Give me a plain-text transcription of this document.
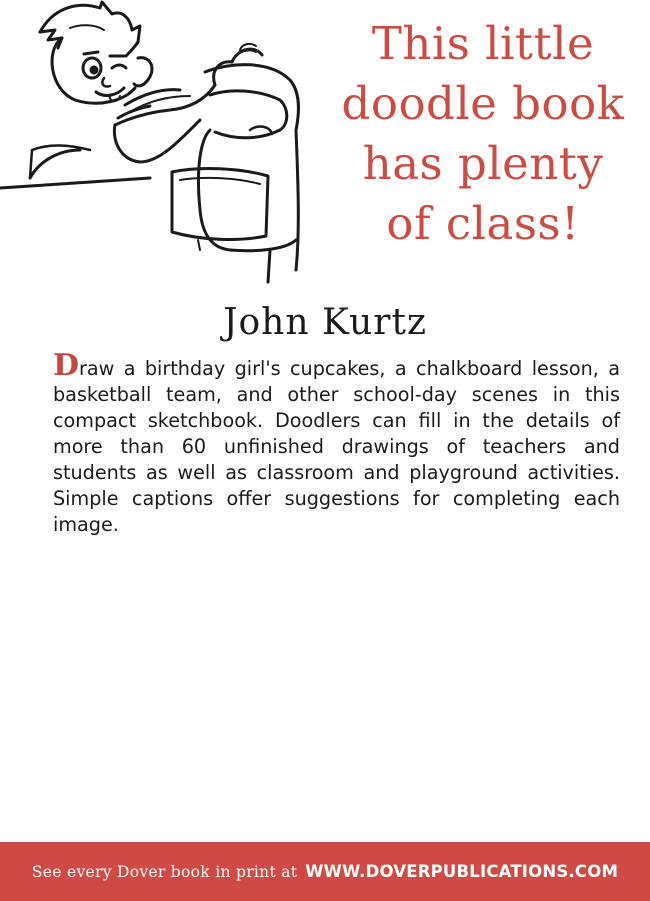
This little
doodle book
has plenty
of class!
John Kurtz

Draw a birthday girl's cupcakes, a chalkboard lesson, a basketball team, and other school-day scenes in this compact sketchbook. Doodlers can fill in the details of more than 60 unfinished drawings of teachers and students as well as classroom and playground activities. Simple captions offer suggestions for completing each image.

See every Dover book in print at WWW.DOVERPUBLICATIONS.COM
